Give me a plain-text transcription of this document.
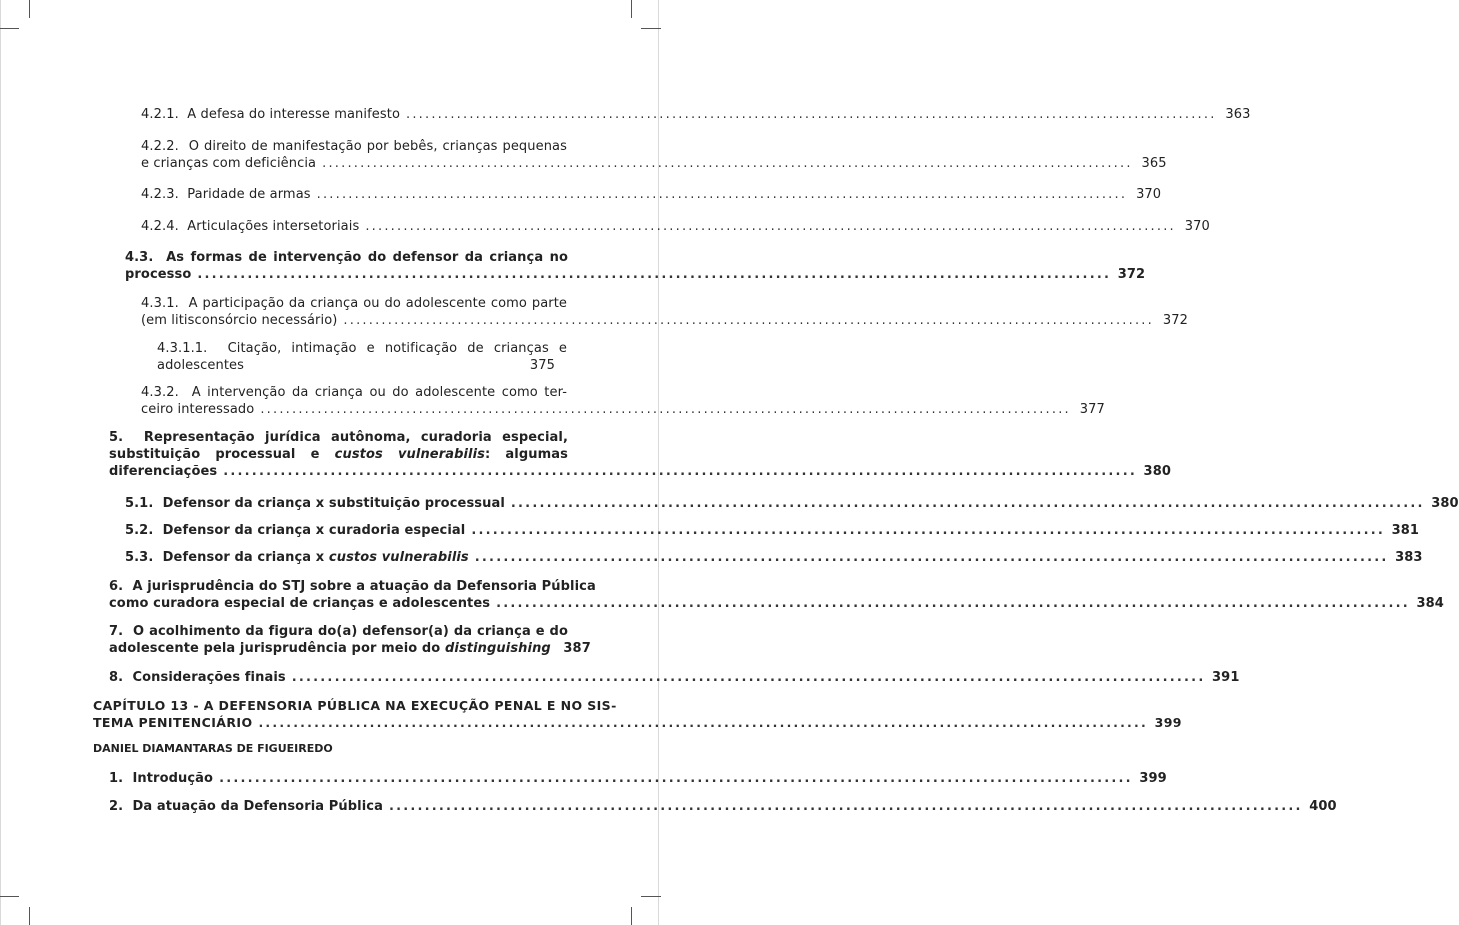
4.2.1. A defesa do interesse manifesto ................................................................................................................................ 363
4.2.2. O direito de manifestação por bebês, crianças pequenas
e crianças com deficiência ................................................................................................................................ 365
4.2.3. Paridade de armas ................................................................................................................................ 370
4.2.4. Articulações intersetoriais ................................................................................................................................ 370
4.3. As formas de intervenção do defensor da criança no
processo ................................................................................................................................ 372
4.3.1. A participação da criança ou do adolescente como parte
(em litisconsórcio necessário) ................................................................................................................................ 372
4.3.1.1. Citação, intimação e notificação de crianças e
adolescentes	375
4.3.2. A intervenção da criança ou do adolescente como ter-
ceiro interessado ................................................................................................................................ 377
5. Representação jurídica autônoma, curadoria especial,
substituição processual e custos vulnerabilis: algumas
diferenciações ................................................................................................................................ 380
5.1. Defensor da criança x substituição processual ................................................................................................................................ 380
5.2. Defensor da criança x curadoria especial ................................................................................................................................ 381
5.3. Defensor da criança x custos vulnerabilis ................................................................................................................................ 383
6. A jurisprudência do STJ sobre a atuação da Defensoria Pública
como curadora especial de crianças e adolescentes ................................................................................................................................ 384
7. O acolhimento da figura do(a) defensor(a) da criança e do
adolescente pela jurisprudência por meio do distinguishing 387
8. Considerações finais ................................................................................................................................ 391
CAPÍTULO 13 - A DEFENSORIA PÚBLICA NA EXECUÇÃO PENAL E NO SIS-
TEMA PENITENCIÁRIO ................................................................................................................................ 399
DANIEL DIAMANTARAS DE FIGUEIREDO
1. Introdução ................................................................................................................................ 399
2. Da atuação da Defensoria Pública ................................................................................................................................ 400
